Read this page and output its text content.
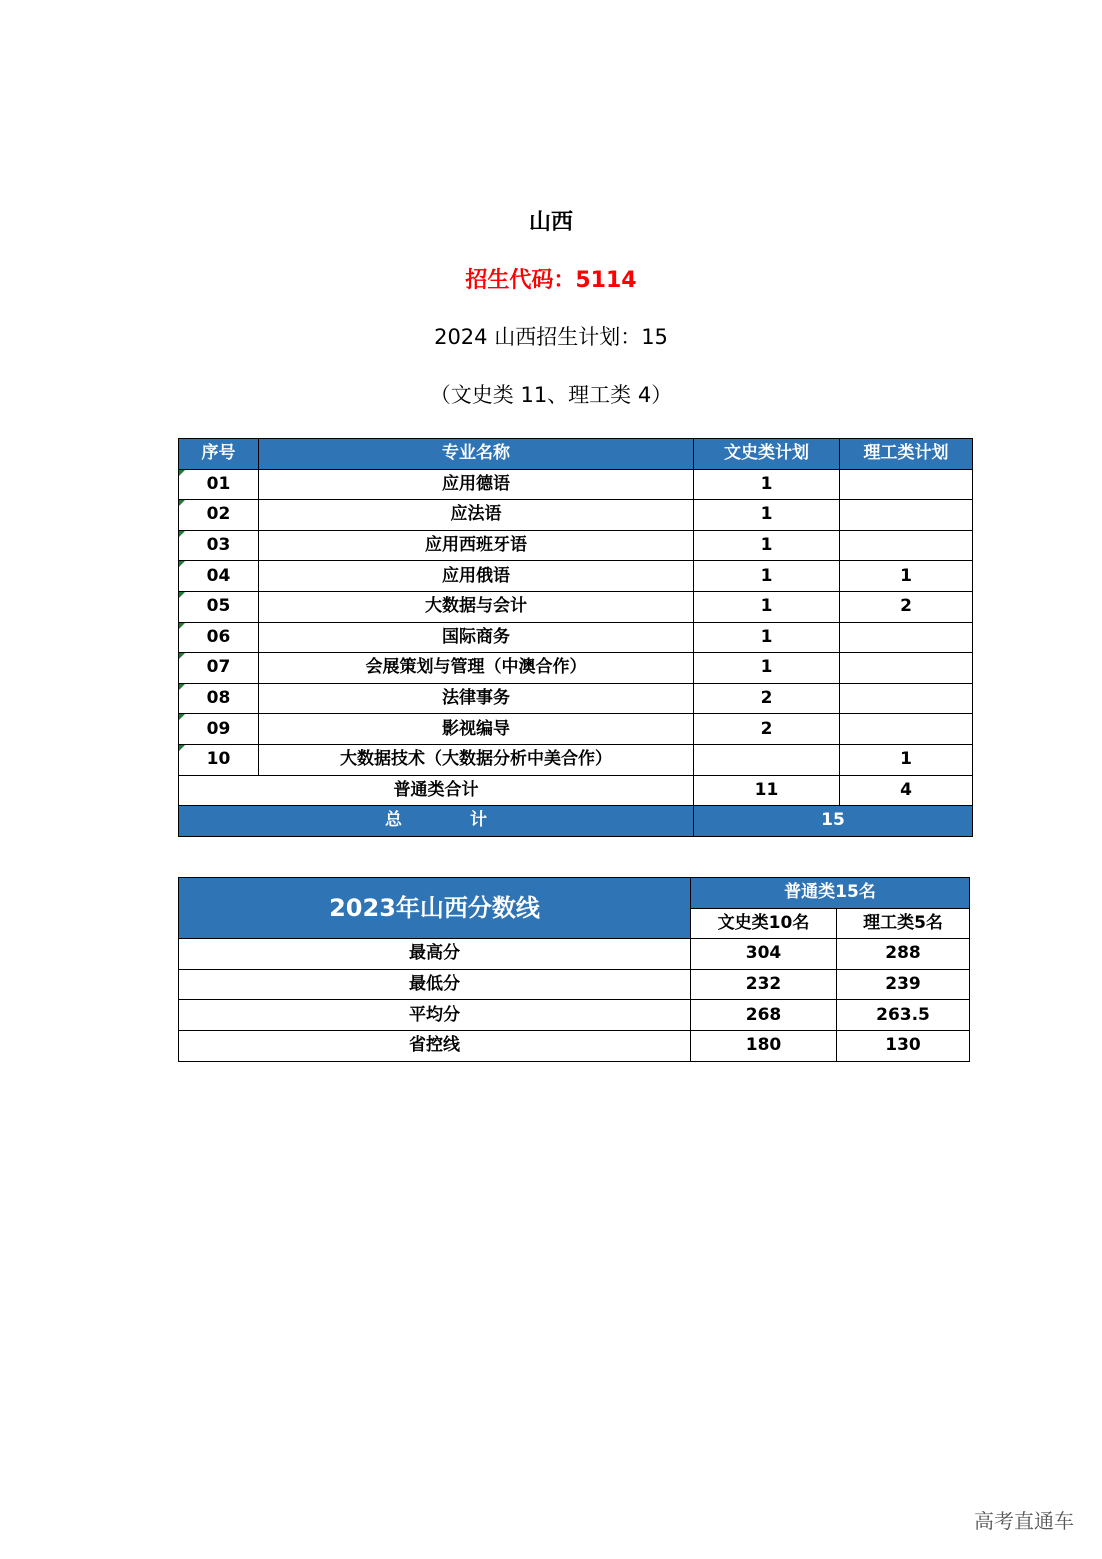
山西
招生代码：5114
2024 山西招生计划：15
（文史类 11、理工类 4）
序号	专业名称	文史类计划	理工类计划
01	应用德语	1	
02	应法语	1	
03	应用西班牙语	1	
04	应用俄语	1	1
05	大数据与会计	1	2
06	国际商务	1	
07	会展策划与管理（中澳合作）	1	
08	法律事务	2	
09	影视编导	2	
10	大数据技术（大数据分析中美合作）		1
普通类合计		11	4
总　　　　计		15	
2023年山西分数线	普通类15名	
	文史类10名	理工类5名
最高分	304	288
最低分	232	239
平均分	268	263.5
省控线	180	130
高考直通车
